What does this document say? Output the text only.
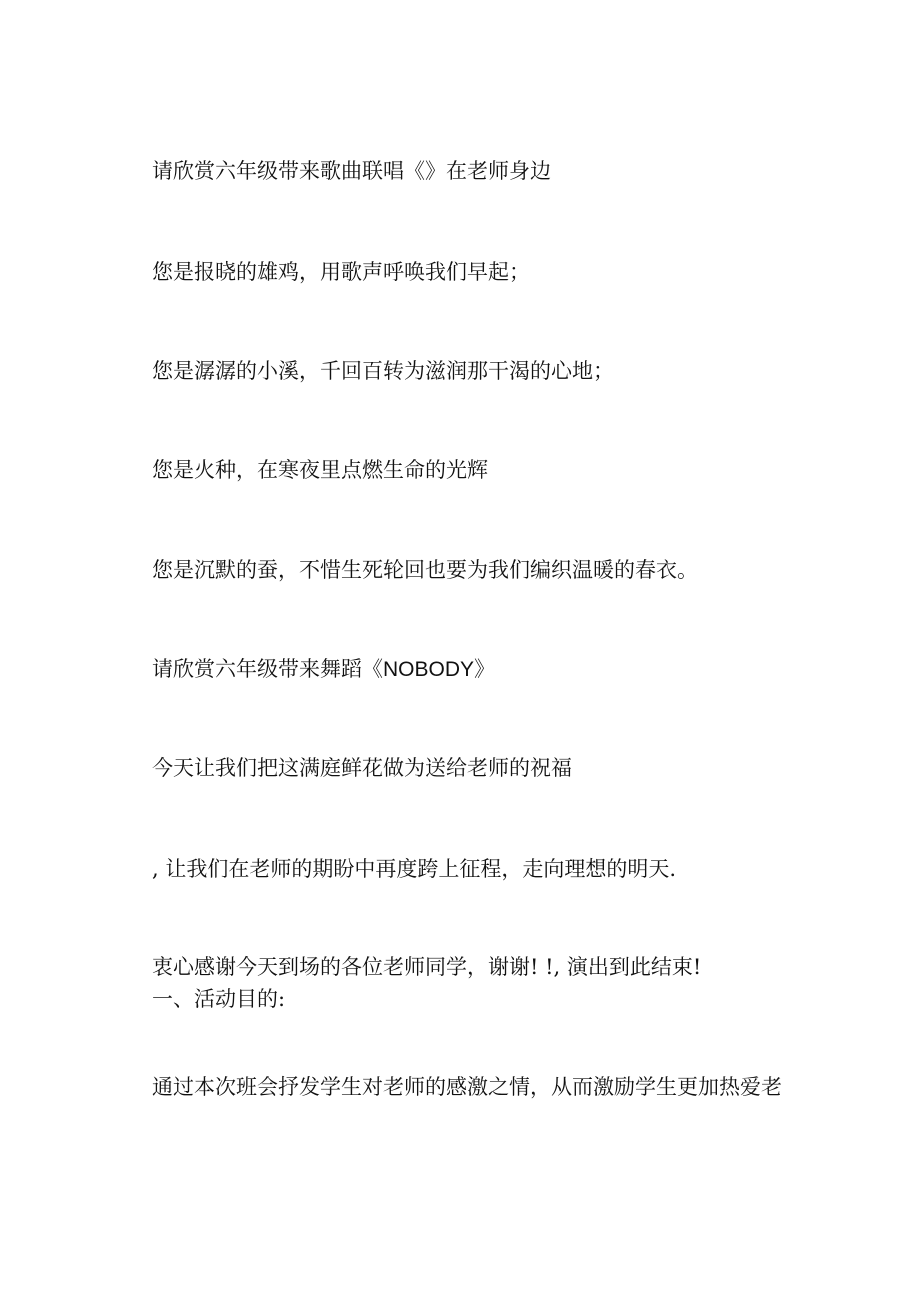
请欣赏六年级带来歌曲联唱《》在老师身边

您是报晓的雄鸡，用歌声呼唤我们早起；

您是潺潺的小溪，千回百转为滋润那干渴的心地；

您是火种，在寒夜里点燃生命的光辉

您是沉默的蚕，不惜生死轮回也要为我们编织温暖的春衣。

请欣赏六年级带来舞蹈《NOBODY》

今天让我们把这满庭鲜花做为送给老师的祝福

, 让我们在老师的期盼中再度跨上征程，走向理想的明天.

衷心感谢今天到场的各位老师同学，谢谢! !, 演出到此结束!

一、活动目的:

通过本次班会抒发学生对老师的感激之情，从而激励学生更加热爱老
